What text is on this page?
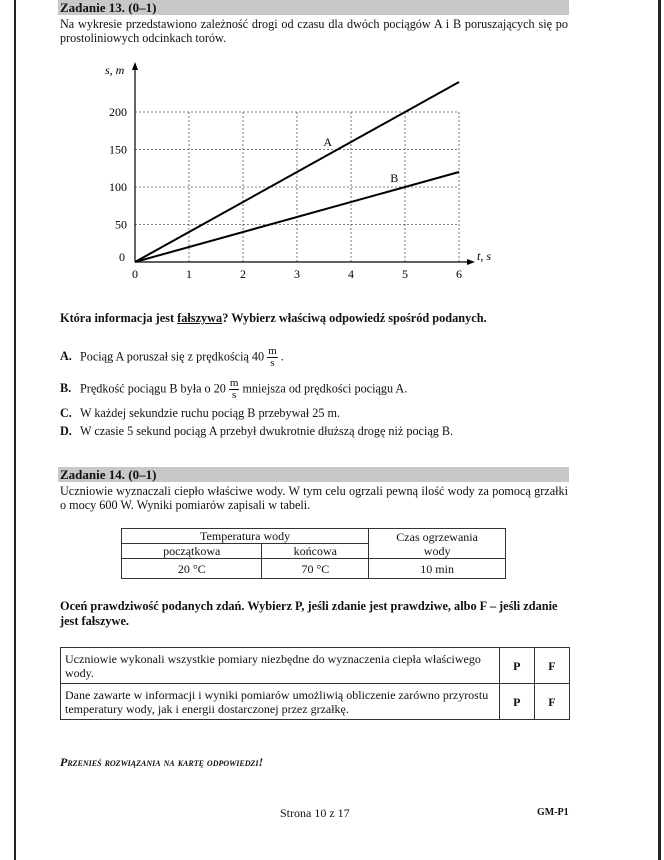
Zadanie 13. (0–1)
Na wykresie przedstawiono zależność drogi od czasu dla dwóch pociągów A i B poruszających się po prostoliniowych odcinkach torów.
A
B
0	1	2	3	4	5	6
50
100
150
200
0
s, m
t, s
Która informacja jest fałszywa? Wybierz właściwą odpowiedź spośród podanych.
A. Pociąg A poruszał się z prędkością $40 \frac{m}{s}$ .
B. Prędkość pociągu B była o $20 \frac{m}{s}$ mniejsza od prędkości pociągu A.
C. W każdej sekundzie ruchu pociąg B przebywał 25 m.
D. W czasie 5 sekund pociąg A przebył dwukrotnie dłuższą drogę niż pociąg B.
Zadanie 14. (0–1)
Uczniowie wyznaczali ciepło właściwe wody. W tym celu ogrzali pewną ilość wody za pomocą grzałki o mocy 600 W. Wyniki pomiarów zapisali w tabeli.
Temperatura wody		Czas ogrzewania wody
początkowa	końcowa	
20 °C	70 °C	10 min
Oceń prawdziwość podanych zdań. Wybierz P, jeśli zdanie jest prawdziwe, albo F – jeśli zdanie jest fałszywe.
Uczniowie wykonali wszystkie pomiary niezbędne do wyznaczenia ciepła właściwego wody.	P	F
Dane zawarte w informacji i wyniki pomiarów umożliwią obliczenie zarówno przyrostu temperatury wody, jak i energii dostarczonej przez grzałkę.	P	F
Przenieś rozwiązania na kartę odpowiedzi!
Strona 10 z 17	GM-P1
